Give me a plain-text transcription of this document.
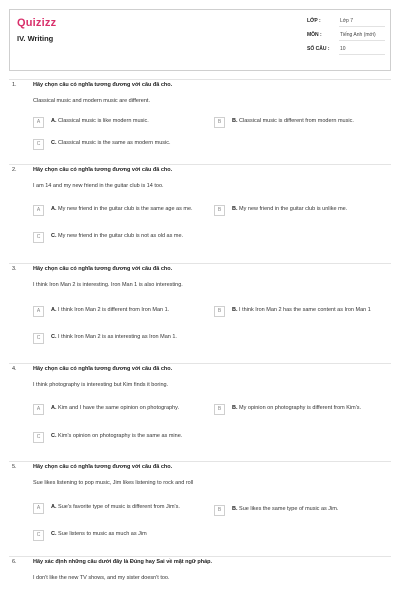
Quizizz
IV. Writing
LỚP :	Lớp 7
MÔN :	Tiếng Anh (mới)
SỐ CÂU : 10
1.	Hãy chọn câu có nghĩa tương đương với câu đã cho.
Classical music and modern music are different.
A	A. Classical music is like modern music.	B	B. Classical music is different from modern music.
C	C. Classical music is the same as modern music.
2.	Hãy chọn câu có nghĩa tương đương với câu đã cho.
I am 14 and my new friend in the guitar club is 14 too.
A	A. My new friend in the guitar club is the same age as me.	B	B. My new friend in the guitar club is unlike me.
C	C. My new friend in the guitar club is not as old as me.
3.	Hãy chọn câu có nghĩa tương đương với câu đã cho.
I think Iron Man 2 is interesting. Iron Man 1 is also interesting.
A	A. I think Iron Man 2 is different from Iron Man 1.	B	B. I think Iron Man 2 has the same content as Iron Man 1
C	C. I think Iron Man 2 is as interesting as Iron Man 1.
4.	Hãy chọn câu có nghĩa tương đương với câu đã cho.
I think photography is interesting but Kim finds it boring.
A	A. Kim and I have the same opinion on photography.	B	B. My opinion on photography is different from Kim's.
C	C. Kim's opinion on photography is the same as mine.
5.	Hãy chọn câu có nghĩa tương đương với câu đã cho.
Sue likes listening to pop music, Jim likes listening to rock and roll
A	A. Sue's favorite type of music is different from Jim's.	B	B. Sue likes the same type of music as Jim.
C	C. Sue listens to music as much as Jim
6.	Hãy xác định những câu dưới đây là Đúng hay Sai về mặt ngữ pháp.
I don't like the new TV shows, and my sister doesn't too.
